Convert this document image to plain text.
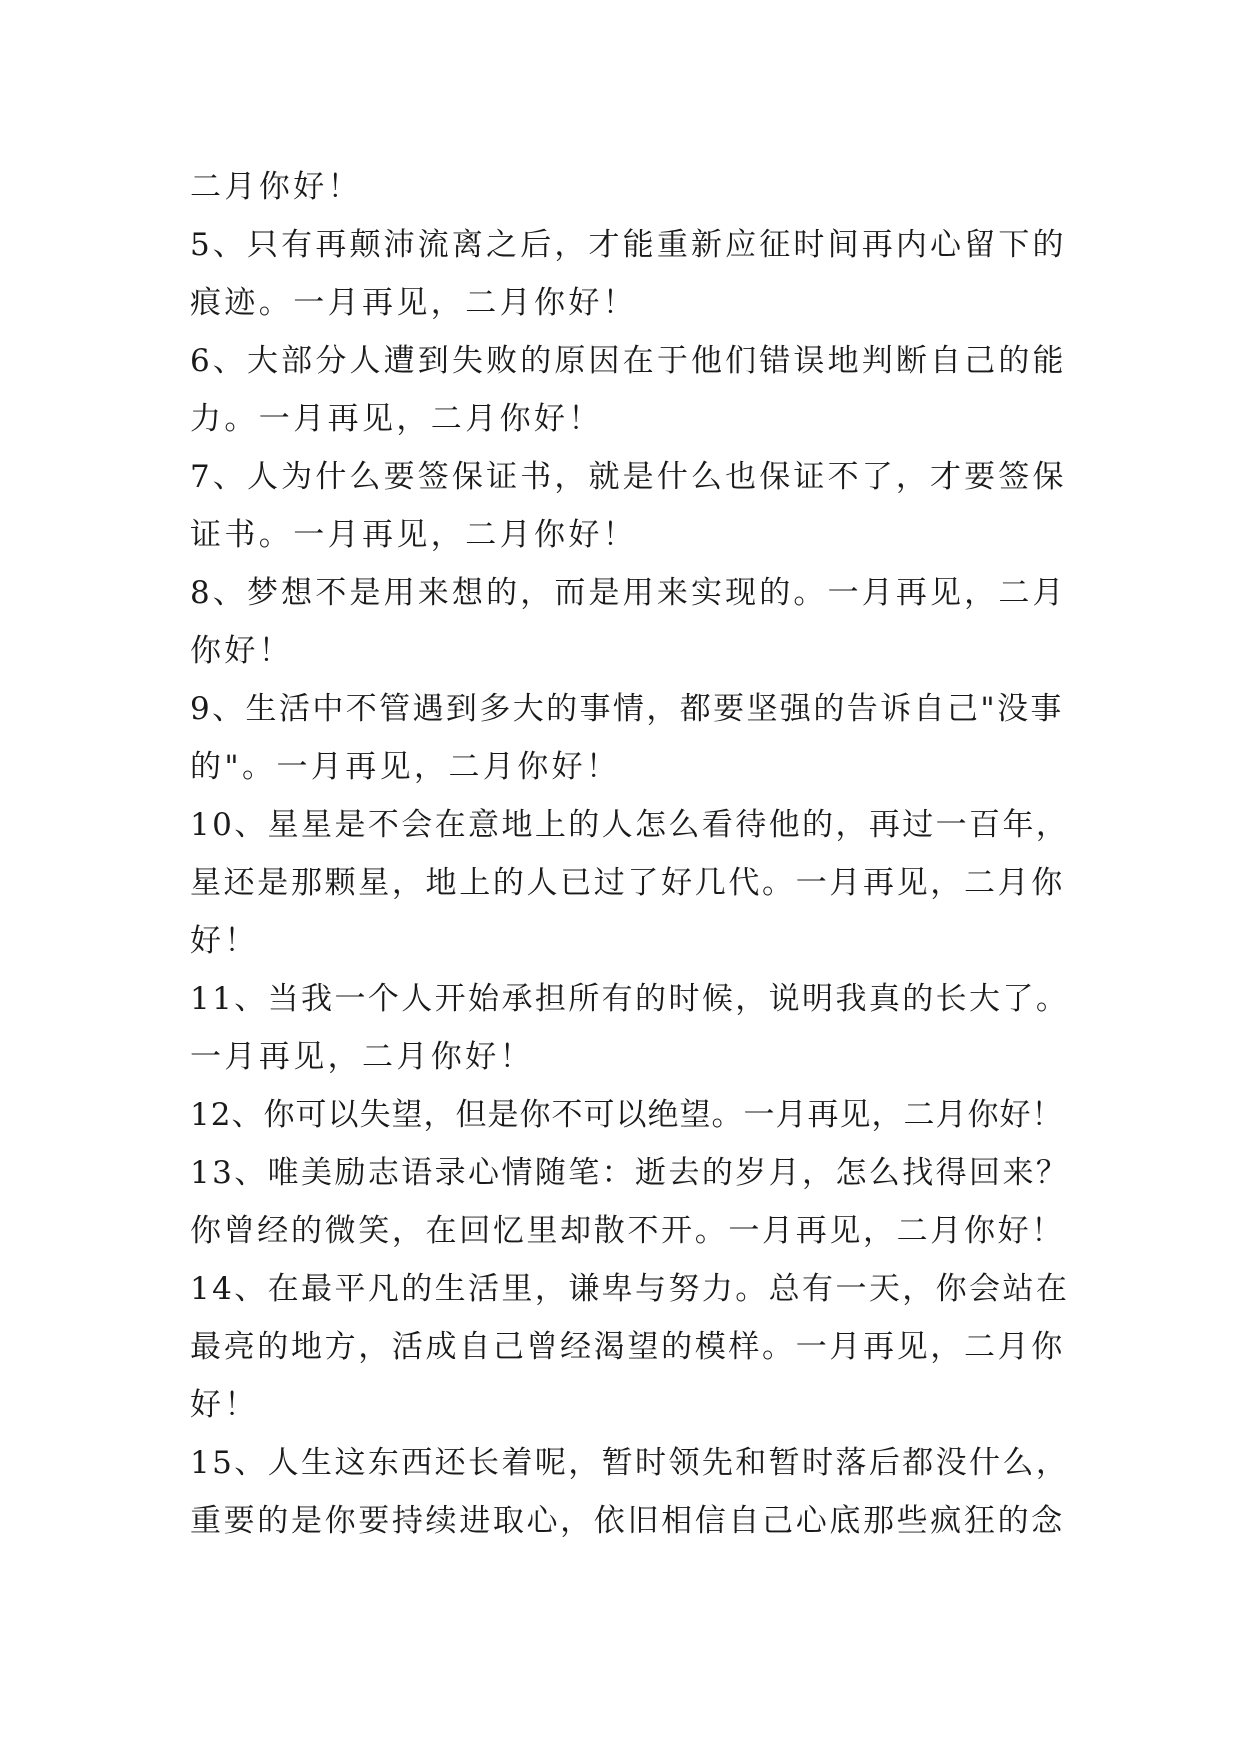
二月你好！
5、只有再颠沛流离之后，才能重新应征时间再内心留下的
痕迹。一月再见，二月你好！
6、大部分人遭到失败的原因在于他们错误地判断自己的能
力。一月再见，二月你好！
7、人为什么要签保证书，就是什么也保证不了，才要签保
证书。一月再见，二月你好！
8、梦想不是用来想的，而是用来实现的。一月再见，二月
你好！
9、生活中不管遇到多大的事情，都要坚强的告诉自己"没事
的"。一月再见，二月你好！
10、星星是不会在意地上的人怎么看待他的，再过一百年，
星还是那颗星，地上的人已过了好几代。一月再见，二月你
好！
11、当我一个人开始承担所有的时候，说明我真的长大了。
一月再见，二月你好！
12、你可以失望，但是你不可以绝望。一月再见，二月你好！
13、唯美励志语录心情随笔：逝去的岁月，怎么找得回来？
你曾经的微笑，在回忆里却散不开。一月再见，二月你好！
14、在最平凡的生活里，谦卑与努力。总有一天，你会站在
最亮的地方，活成自己曾经渴望的模样。一月再见，二月你
好！
15、人生这东西还长着呢，暂时领先和暂时落后都没什么，
重要的是你要持续进取心，依旧相信自己心底那些疯狂的念
